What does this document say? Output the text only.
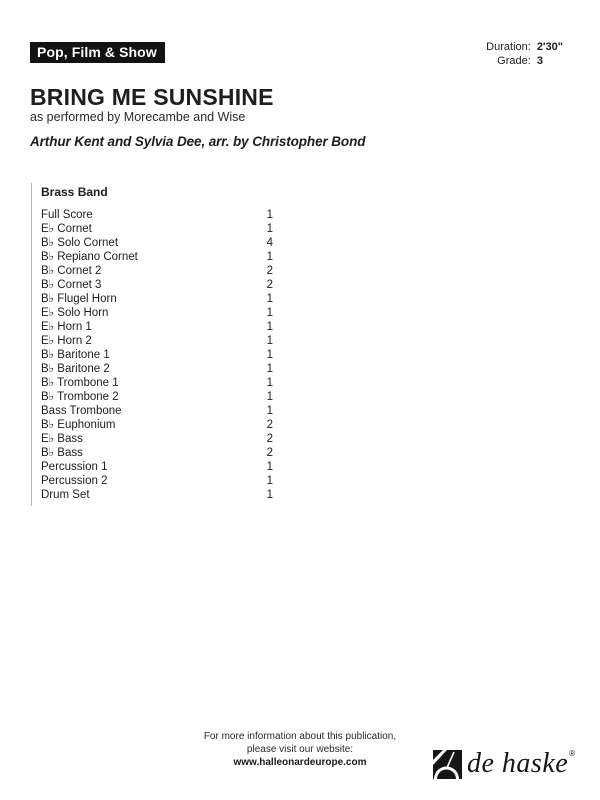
Pop, Film & Show	Duration: 2'30"
Grade: 3
BRING ME SUNSHINE
as performed by Morecambe and Wise
Arthur Kent and Sylvia Dee, arr. by Christopher Bond
Brass Band
Full Score	1
E♭ Cornet	1
B♭ Solo Cornet	4
B♭ Repiano Cornet	1
B♭ Cornet 2	2
B♭ Cornet 3	2
B♭ Flugel Horn	1
E♭ Solo Horn	1
E♭ Horn 1	1
E♭ Horn 2	1
B♭ Baritone 1	1
B♭ Baritone 2	1
B♭ Trombone 1	1
B♭ Trombone 2	1
Bass Trombone	1
B♭ Euphonium	2
E♭ Bass	2
B♭ Bass	2
Percussion 1	1
Percussion 2	1
Drum Set	1
For more information about this publication,
please visit our website:
www.halleonardeurope.com	de haske®
